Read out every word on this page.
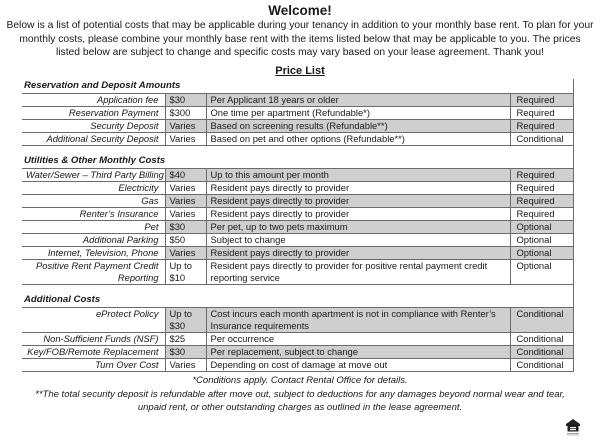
Welcome!
Below is a list of potential costs that may be applicable during your tenancy in addition to your monthly base rent. To plan for your monthly costs, please combine your monthly base rent with the items listed below that may be applicable to you. The prices listed below are subject to change and specific costs may vary based on your lease agreement. Thank you!
Price List
Reservation and Deposit Amounts			
Application fee	$30	Per Applicant 18 years or older	Required
Reservation Payment	$300	One time per apartment (Refundable*)	Required
Security Deposit	Varies	Based on screening results (Refundable**)	Required
Additional Security Deposit	Varies	Based on pet and other options (Refundable**)	Conditional

Utilities & Other Monthly Costs			
Water/Sewer – Third Party Billing	$40	Up to this amount per month	Required
Electricity	Varies	Resident pays directly to provider	Required
Gas	Varies	Resident pays directly to provider	Required
Renter’s Insurance	Varies	Resident pays directly to provider	Required
Pet	$30	Per pet, up to two pets maximum	Optional
Additional Parking	$50	Subject to change	Optional
Internet, Television, Phone	Varies	Resident pays directly to provider	Optional
Positive Rent Payment Credit Reporting	Up to $10	Resident pays directly to provider for positive rental payment credit reporting service	Optional

Additional Costs			
eProtect Policy	Up to $30	Cost incurs each month apartment is not in compliance with Renter’s Insurance requirements	Conditional
Non-Sufficient Funds (NSF)	$25	Per occurrence	Conditional
Key/FOB/Remote Replacement	$30	Per replacement, subject to change	Conditional
Turn Over Cost	Varies	Depending on cost of damage at move out	Conditional
*Conditions apply. Contact Rental Office for details.
**The total security deposit is refundable after move out, subject to deductions for any damages beyond normal wear and tear, unpaid rent, or other outstanding charges as outlined in the lease agreement.
